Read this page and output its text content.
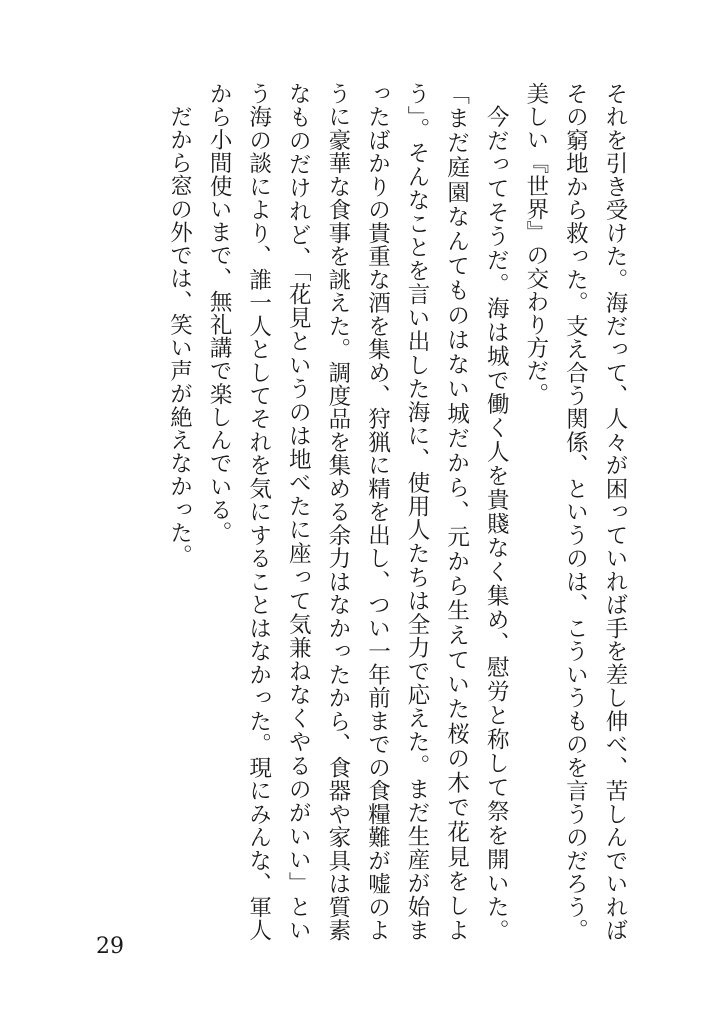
それを引き受けた。海だって、人々が困っていれば手を差し伸べ、苦しんでいればその窮地から救った。支え合う関係、というのは、こういうものを言うのだろう。美しい『世界』の交わり方だ。

今だってそうだ。海は城で働く人を貴賤なく集め、慰労と称して祭を開いた。「まだ庭園なんてものはない城だから、元から生えていた桜の木で花見をしよう」。そんなことを言い出した海に、使用人たちは全力で応えた。まだ生産が始まったばかりの貴重な酒を集め、狩猟に精を出し、つい一年前までの食糧難が嘘のように豪華な食事を誂えた。調度品を集める余力はなかったから、食器や家具は質素なものだけれど、「花見というのは地べたに座って気兼ねなくやるのがいい」という海の談により、誰一人としてそれを気にすることはなかった。現にみんな、軍人から小間使いまで、無礼講で楽しんでいる。

だから窓の外では、笑い声が絶えなかった。

29
